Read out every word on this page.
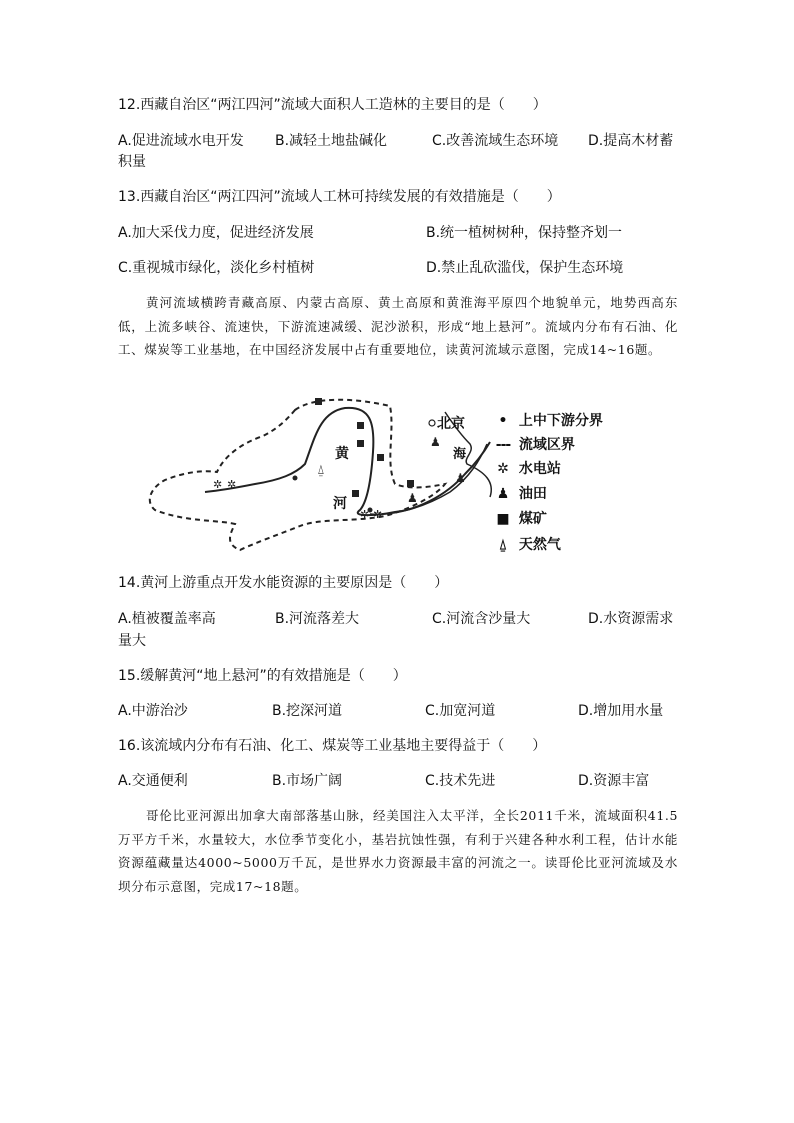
12.西藏自治区“两江四河”流域大面积人工造林的主要目的是（　　）
A.促进流域水电开发 B.减轻土地盐碱化	C.改善流域生态环境 D.提高木材蓄
积量
13.西藏自治区“两江四河”流域人工林可持续发展的有效措施是（　　）
A.加大采伐力度，促进经济发展	B.统一植树树种，保持整齐划一
C.重视城市绿化，淡化乡村植树	D.禁止乱砍滥伐，保护生态环境
黄河流域横跨青藏高原、内蒙古高原、黄土高原和黄淮海平原四个地貌单元，地势西高东低，上流多峡谷、流速快，下游流速减缓、泥沙淤积，形成“地上悬河”。流域内分布有石油、化工、煤炭等工业基地，在中国经济发展中占有重要地位，读黄河流域示意图，完成14~16题。
✲ ✲
✲ ✲
♟
♟
♟
⍙
北京
黄
河
海
• 上中下游分界
--- 流域区界
✲ 水电站
♟ 油田
■ 煤矿
⍙ 天然气
14.黄河上游重点开发水能资源的主要原因是（　　）
A.植被覆盖率高	B.河流落差大	C.河流含沙量大	D.水资源需求
量大
15.缓解黄河“地上悬河”的有效措施是（　　）
A.中游治沙	B.挖深河道	C.加宽河道	D.增加用水量
16.该流域内分布有石油、化工、煤炭等工业基地主要得益于（　　）
A.交通便利	B.市场广阔	C.技术先进	D.资源丰富
哥伦比亚河源出加拿大南部落基山脉，经美国注入太平洋，全长2011千米，流域面积41.5万平方千米，水量较大，水位季节变化小，基岩抗蚀性强，有利于兴建各种水利工程，估计水能资源蕴藏量达4000~5000万千瓦，是世界水力资源最丰富的河流之一。读哥伦比亚河流域及水坝分布示意图，完成17~18题。
